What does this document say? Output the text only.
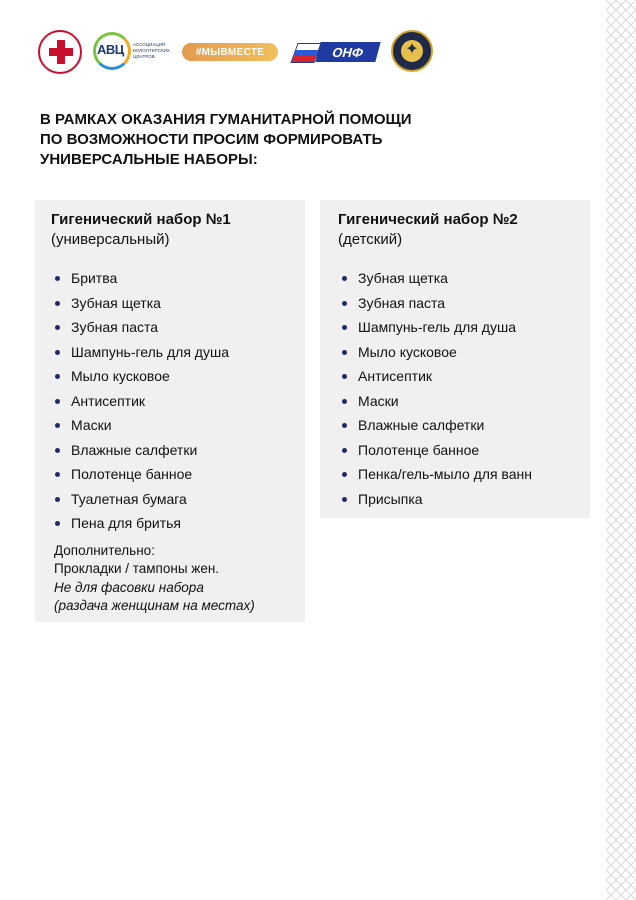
АВЦ АССОЦИАЦИЯ ВОЛОНТЕРСКИХ ЦЕНТРОВ	#МЫВМЕСТЕ	ОНФ	✦
В РАМКАХ ОКАЗАНИЯ ГУМАНИТАРНОЙ ПОМОЩИ
ПО ВОЗМОЖНОСТИ ПРОСИМ ФОРМИРОВАТЬ
УНИВЕРСАЛЬНЫЕ НАБОРЫ:
Гигенический набор №1
(универсальный)
Бритва
Зубная щетка
Зубная паста
Шампунь-гель для душа
Мыло кусковое
Антисептик
Маски
Влажные салфетки
Полотенце банное
Туалетная бумага
Пена для бритья
Дополнительно:
Прокладки / тампоны жен.
Не для фасовки набора
(раздача женщинам на местах)
Гигенический набор №2
(детский)
Зубная щетка
Зубная паста
Шампунь-гель для душа
Мыло кусковое
Антисептик
Маски
Влажные салфетки
Полотенце банное
Пенка/гель-мыло для ванн
Присыпка
